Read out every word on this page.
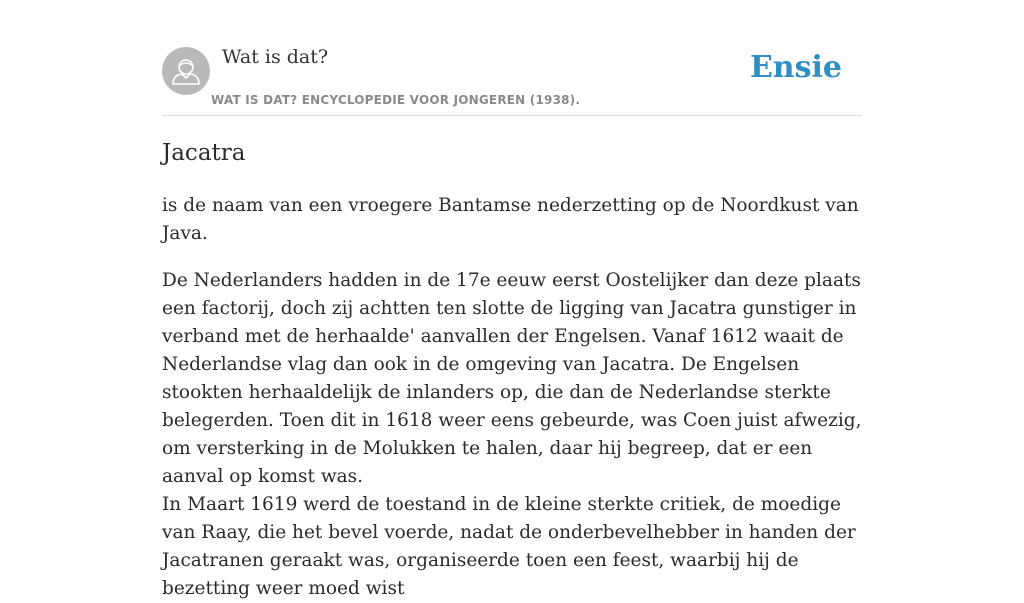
Wat is dat?
WAT IS DAT? ENCYCLOPEDIE VOOR JONGEREN (1938).
Ensie
Jacatra

is de naam van een vroegere Bantamse nederzetting op de Noordkust van Java.

De Nederlanders hadden in de 17e eeuw eerst Oostelijker dan deze plaats een factorij, doch zij achtten ten slotte de ligging van Jacatra gunstiger in verband met de herhaalde' aanvallen der Engelsen. Vanaf 1612 waait de Nederlandse vlag dan ook in de omgeving van Jacatra. De Engelsen stookten herhaaldelijk de inlanders op, die dan de Nederlandse sterkte belegerden. Toen dit in 1618 weer eens gebeurde, was Coen juist afwezig, om versterking in de Molukken te halen, daar hij begreep, dat er een aanval op komst was.

In Maart 1619 werd de toestand in de kleine sterkte critiek, de moedige van Raay, die het bevel voerde, nadat de onderbevelhebber in handen der Jacatranen geraakt was, organiseerde toen een feest, waarbij hij de bezetting weer moed wist
